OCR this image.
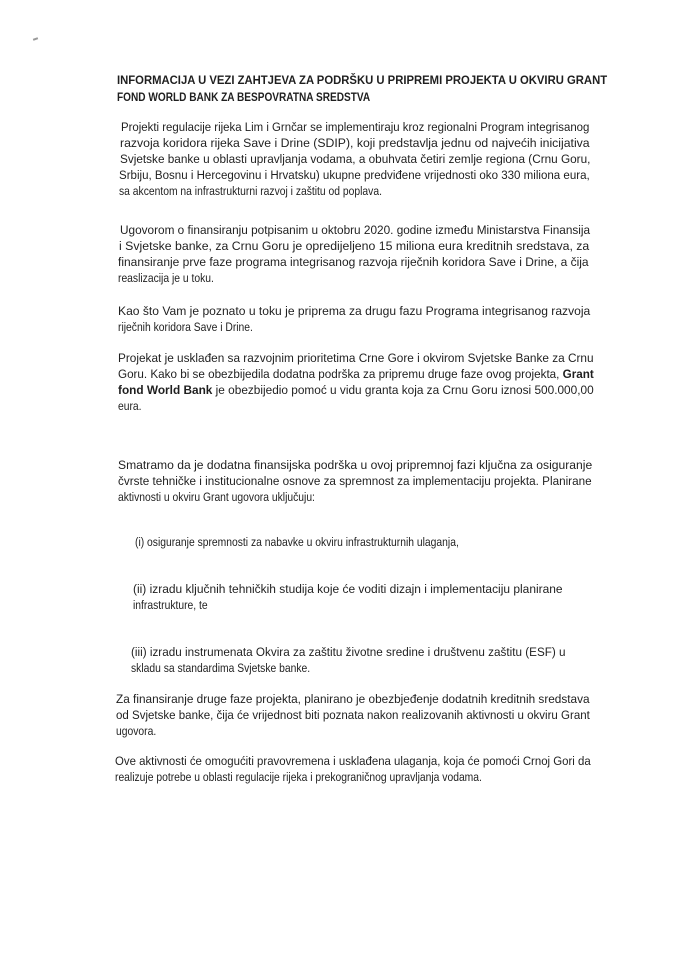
INFORMACIJA U VEZI ZAHTJEVA ZA PODRŠKU U PRIPREMI PROJEKTA U OKVIRU GRANT
FOND WORLD BANK ZA BESPOVRATNA SREDSTVA
Projekti regulacije rijeka Lim i Grnčar se implementiraju kroz regionalni Program integrisanog
razvoja koridora rijeka Save i Drine (SDIP), koji predstavlja jednu od najvećih inicijativa
Svjetske banke u oblasti upravljanja vodama, a obuhvata četiri zemlje regiona (Crnu Goru,
Srbiju, Bosnu i Hercegovinu i Hrvatsku) ukupne predviđene vrijednosti oko 330 miliona eura,
sa akcentom na infrastrukturni razvoj i zaštitu od poplava.
Ugovorom o finansiranju potpisanim u oktobru 2020. godine između Ministarstva Finansija
i Svjetske banke, za Crnu Goru je opredijeljeno 15 miliona eura kreditnih sredstava, za
finansiranje prve faze programa integrisanog razvoja riječnih koridora Save i Drine, a čija
reaslizacija je u toku.
Kao što Vam je poznato u toku je priprema za drugu fazu Programa integrisanog razvoja
riječnih koridora Save i Drine.
Projekat je usklađen sa razvojnim prioritetima Crne Gore i okvirom Svjetske Banke za Crnu
eura.
Smatramo da je dodatna finansijska podrška u ovoj pripremnoj fazi ključna za osiguranje
čvrste tehničke i institucionalne osnove za spremnost za implementaciju projekta. Planirane
aktivnosti u okviru Grant ugovora uključuju:
(i) osiguranje spremnosti za nabavke u okviru infrastrukturnih ulaganja,
(ii) izradu ključnih tehničkih studija koje će voditi dizajn i implementaciju planirane
infrastrukture, te
(iii) izradu instrumenata Okvira za zaštitu životne sredine i društvenu zaštitu (ESF) u
skladu sa standardima Svjetske banke.
Za finansiranje druge faze projekta, planirano je obezbjeđenje dodatnih kreditnih sredstava
od Svjetske banke, čija će vrijednost biti poznata nakon realizovanih aktivnosti u okviru Grant
ugovora.
Ove aktivnosti će omogućiti pravovremena i usklađena ulaganja, koja će pomoći Crnoj Gori da
realizuje potrebe u oblasti regulacije rijeka i prekograničnog upravljanja vodama.
Goru. Kako bi se obezbijedila dodatna podrška za pripremu druge faze ovog projekta, Grant
fond World Bank je obezbijedio pomoć u vidu granta koja za Crnu Goru iznosi 500.000,00
